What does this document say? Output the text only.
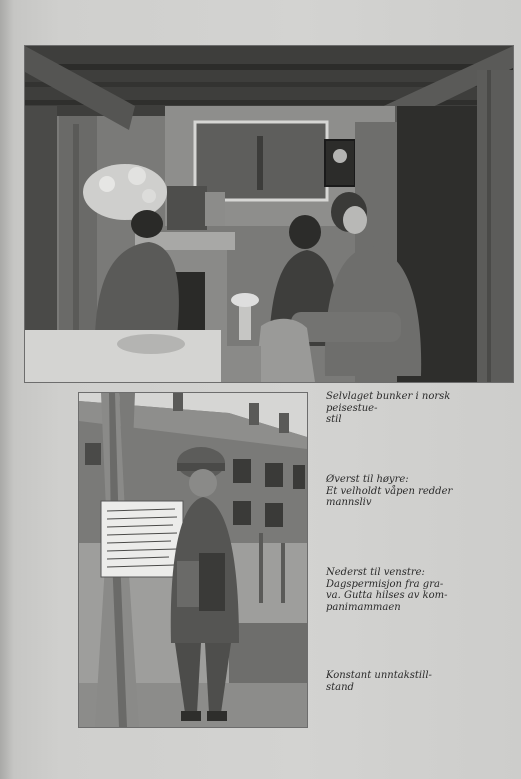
Selvlaget bunker i norsk peisestue-
stil
Øverst til høyre:
Et velholdt våpen redder
mannsliv
Nederst til venstre:
Dagspermisjon fra gra-
va. Gutta hilses av kom-
panimammaen
Konstant unntakstill-
stand
